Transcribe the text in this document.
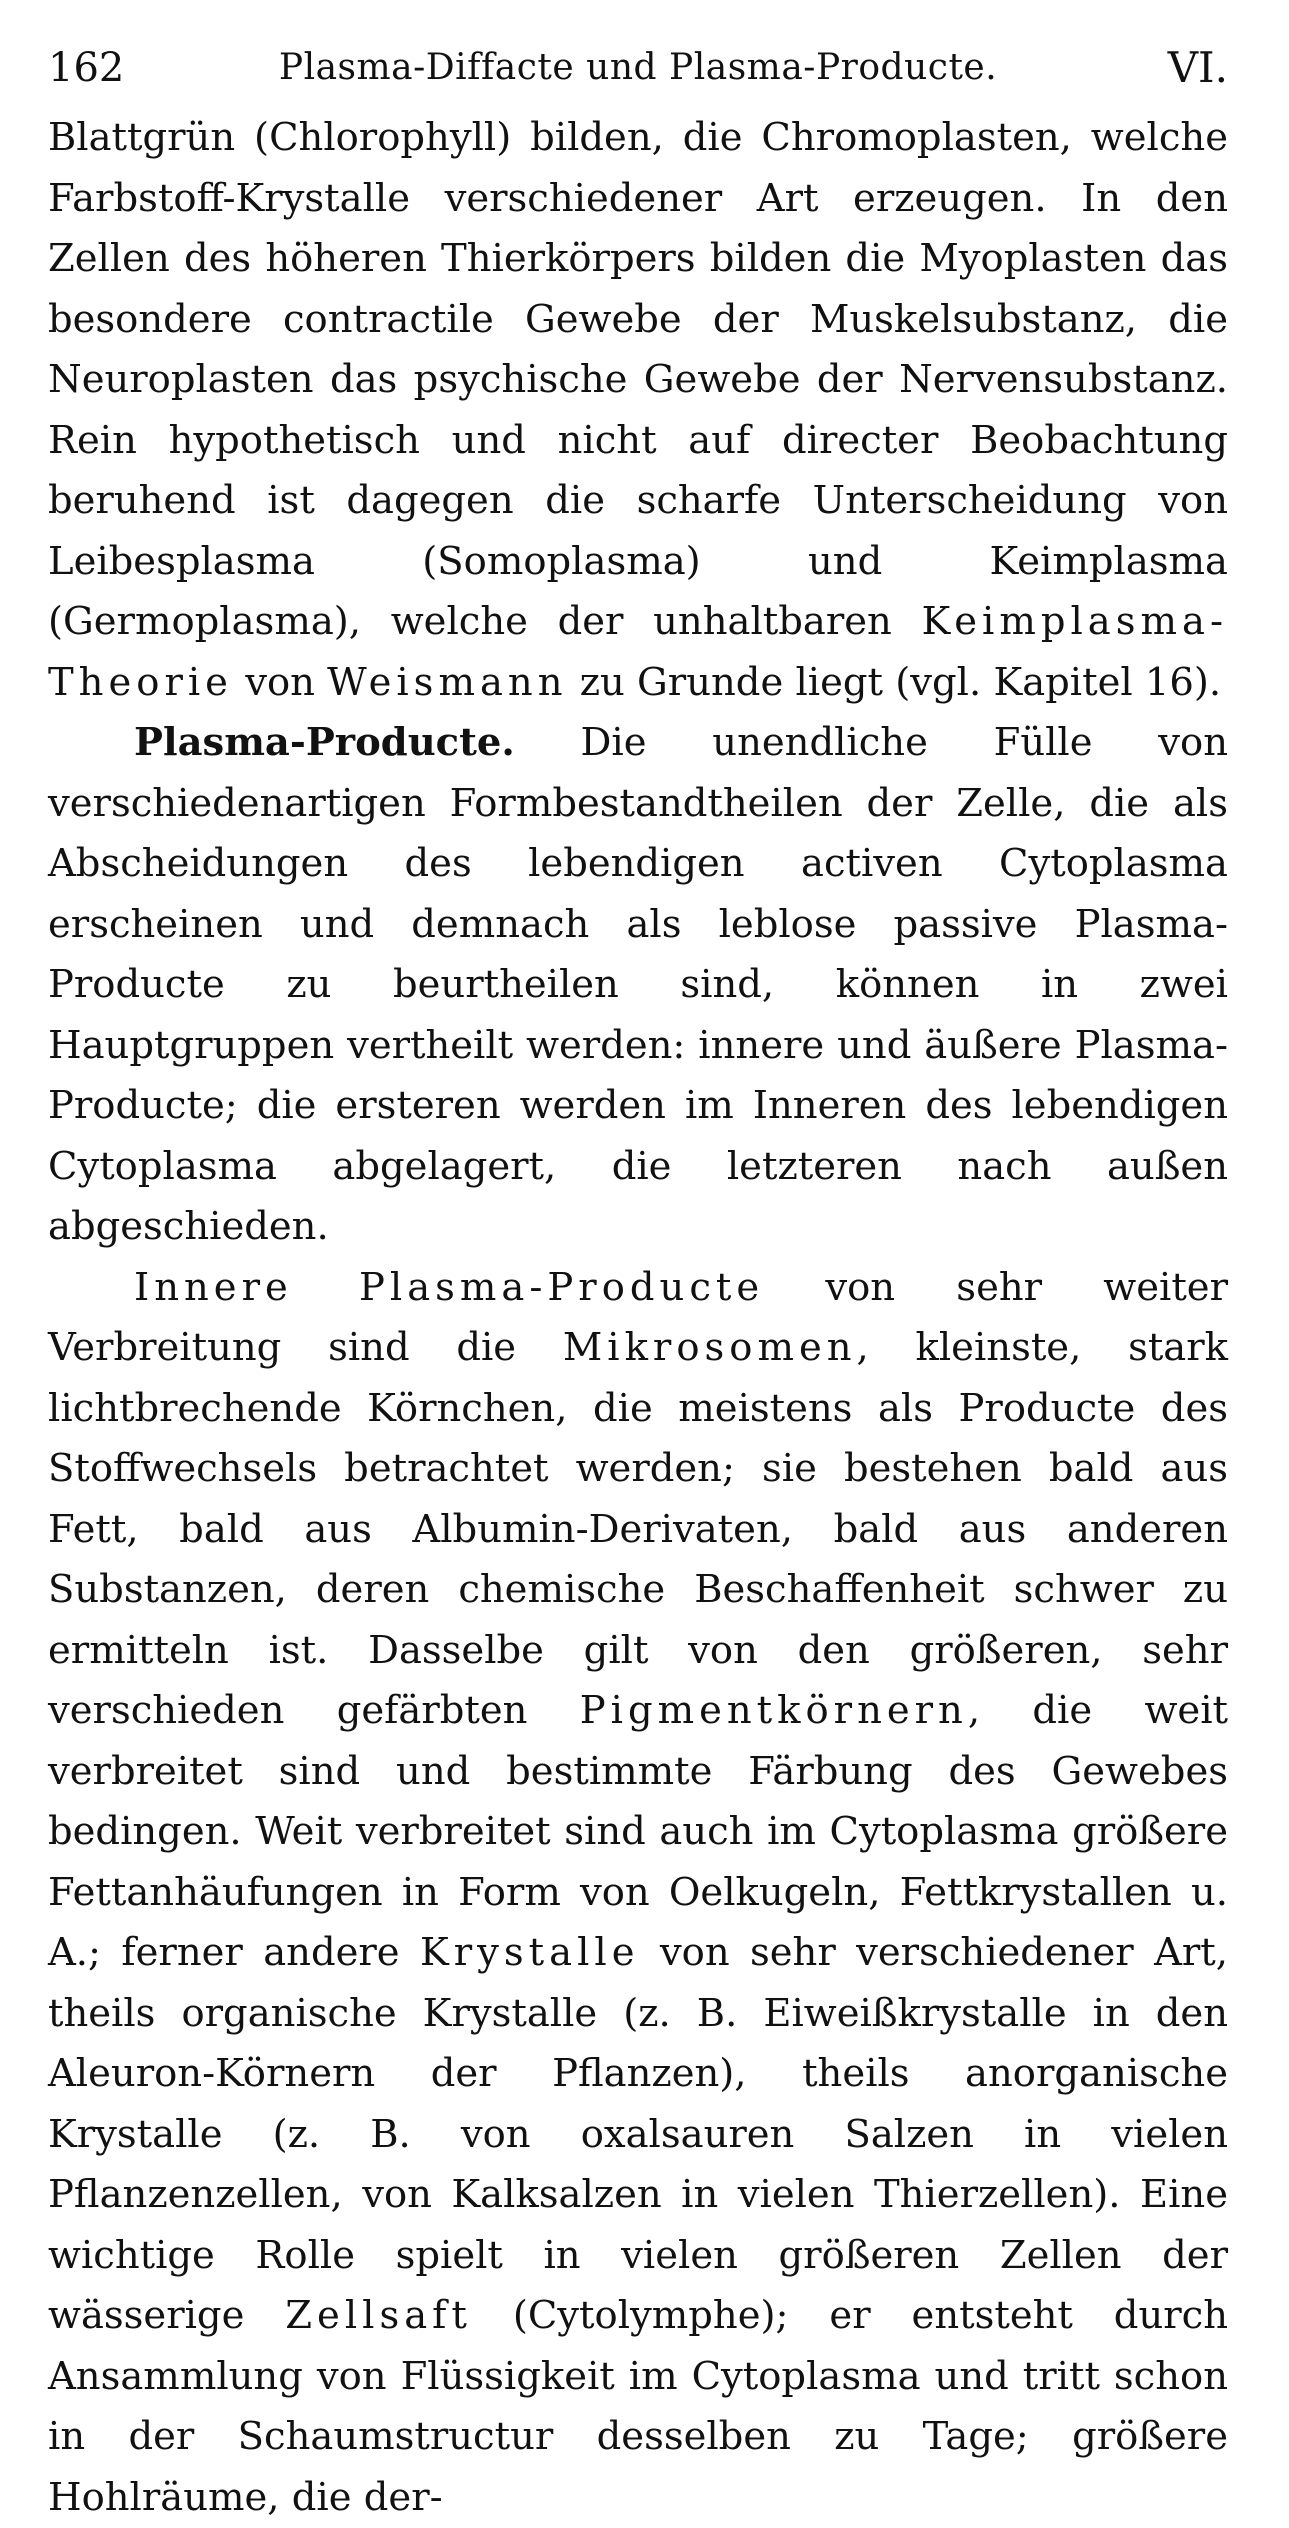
162	Plasma-Diffacte und Plasma-Producte.	VI.

Blattgrün (Chlorophyll) bilden, die Chromoplasten, welche Farbstoff-Krystalle verschiedener Art erzeugen. In den Zellen des höheren Thierkörpers bilden die Myoplasten das besondere contractile Gewebe der Muskelsubstanz, die Neuroplasten das psychische Gewebe der Nervensubstanz. Rein hypothetisch und nicht auf directer Beobachtung beruhend ist dagegen die scharfe Unterscheidung von Leibesplasma (Somoplasma) und Keimplasma (Germoplasma), welche der unhaltbaren Keimplasma-Theorie von Weismann zu Grunde liegt (vgl. Kapitel 16).

Plasma-Producte. Die unendliche Fülle von verschiedenartigen Formbestandtheilen der Zelle, die als Abscheidungen des lebendigen activen Cytoplasma erscheinen und demnach als leblose passive Plasma-Producte zu beurtheilen sind, können in zwei Hauptgruppen vertheilt werden: innere und äußere Plasma-Producte; die ersteren werden im Inneren des lebendigen Cytoplasma abgelagert, die letzteren nach außen abgeschieden.

Innere Plasma-Producte von sehr weiter Verbreitung sind die Mikrosomen, kleinste, stark lichtbrechende Körnchen, die meistens als Producte des Stoffwechsels betrachtet werden; sie bestehen bald aus Fett, bald aus Albumin-Derivaten, bald aus anderen Substanzen, deren chemische Beschaffenheit schwer zu ermitteln ist. Dasselbe gilt von den größeren, sehr verschieden gefärbten Pigmentkörnern, die weit verbreitet sind und bestimmte Färbung des Gewebes bedingen. Weit verbreitet sind auch im Cytoplasma größere Fettanhäufungen in Form von Oelkugeln, Fettkrystallen u. A.; ferner andere Krystalle von sehr verschiedener Art, theils organische Krystalle (z. B. Eiweißkrystalle in den Aleuron-Körnern der Pflanzen), theils anorganische Krystalle (z. B. von oxalsauren Salzen in vielen Pflanzenzellen, von Kalksalzen in vielen Thierzellen). Eine wichtige Rolle spielt in vielen größeren Zellen der wässerige Zellsaft (Cytolymphe); er entsteht durch Ansammlung von Flüssigkeit im Cytoplasma und tritt schon in der Schaumstructur desselben zu Tage; größere Hohlräume, die der-
